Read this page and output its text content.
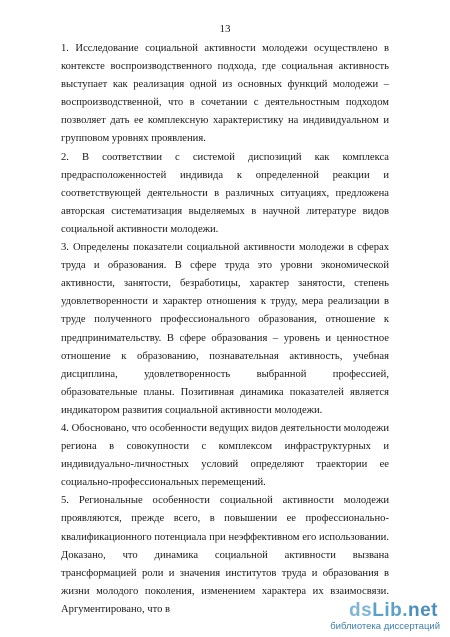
13

1. Исследование социальной активности молодежи осуществлено в контексте воспроизводственного подхода, где социальная активность выступает как реализация одной из основных функций молодежи – воспроизводственной, что в сочетании с деятельностным подходом позволяет дать ее комплексную характеристику на индивидуальном и групповом уровнях проявления.

2. В соответствии с системой диспозиций как комплекса предрасположенностей индивида к определенной реакции и соответствующей деятельности в различных ситуациях, предложена авторская систематизация выделяемых в научной литературе видов социальной активности молодежи.

3. Определены показатели социальной активности молодежи в сферах труда и образования. В сфере труда это уровни экономической активности, занятости, безработицы, характер занятости, степень удовлетворенности и характер отношения к труду, мера реализации в труде полученного профессионального образования, отношение к предпринимательству. В сфере образования – уровень и ценностное отношение к образованию, познавательная активность, учебная дисциплина, удовлетворенность выбранной профессией, образовательные планы. Позитивная динамика показателей является индикатором развития социальной активности молодежи.

4. Обосновано, что особенности ведущих видов деятельности молодежи региона в совокупности с комплексом инфраструктурных и индивидуально-личностных условий определяют траектории ее социально-профессиональных перемещений.

5. Региональные особенности социальной активности молодежи проявляются, прежде всего, в повышении ее профессионально-квалификационного потенциала при неэффективном его использовании. Доказано, что динамика социальной активности вызвана трансформацией роли и значения институтов труда и образования в жизни молодого поколения, изменением характера их взаимосвязи. Аргументировано, что в	dsLib.net
библиотека диссертаций
